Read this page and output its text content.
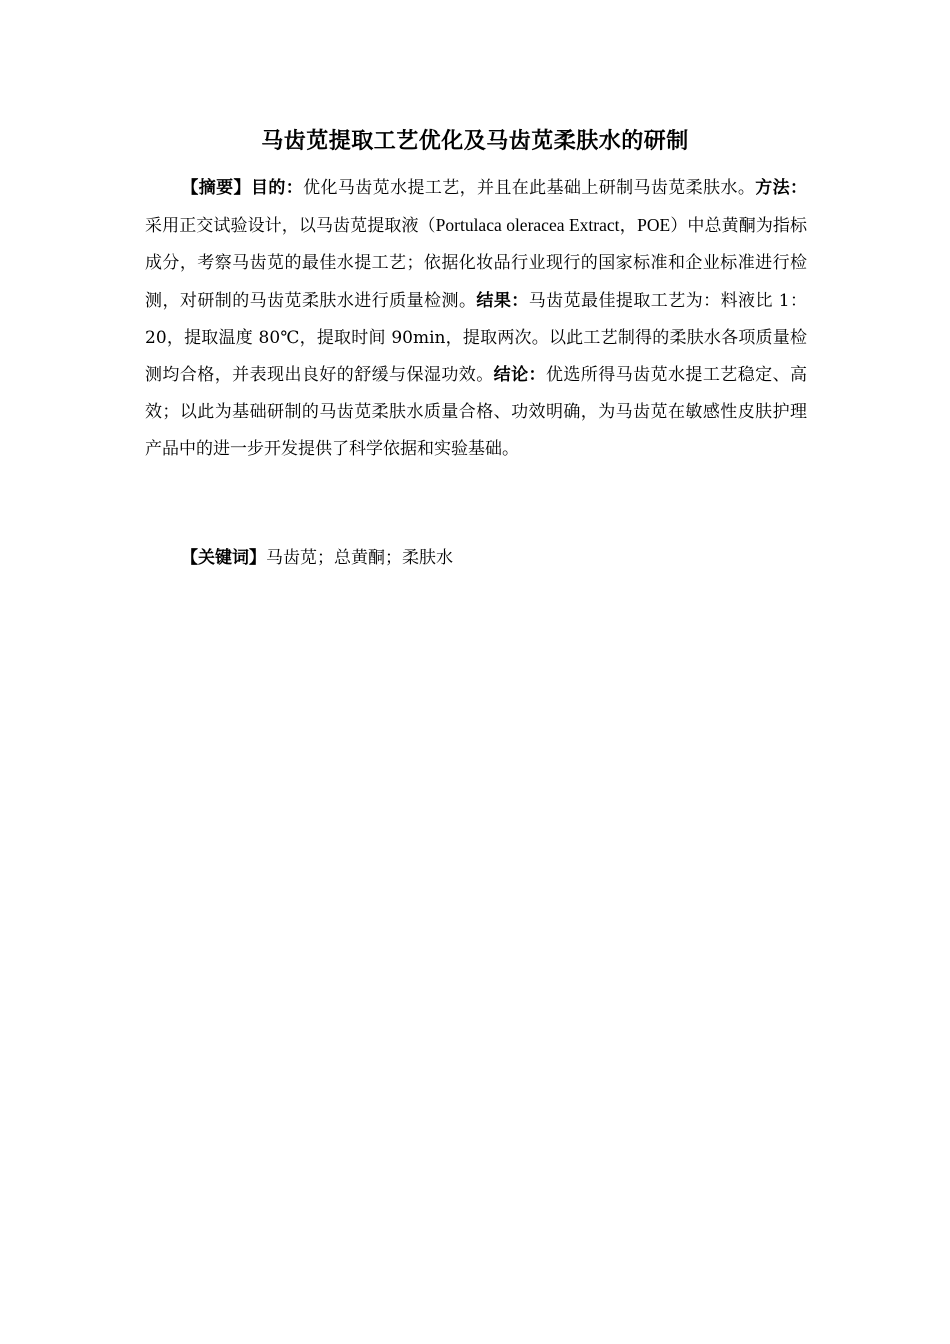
马齿苋提取工艺优化及马齿苋柔肤水的研制

【摘要】目的：优化马齿苋水提工艺，并且在此基础上研制马齿苋柔肤水。方法：采用正交试验设计，以马齿苋提取液（Portulaca oleracea Extract，POE）中总黄酮为指标成分，考察马齿苋的最佳水提工艺；依据化妆品行业现行的国家标准和企业标准进行检测，对研制的马齿苋柔肤水进行质量检测。结果：马齿苋最佳提取工艺为：料液比 1：20，提取温度 80℃，提取时间 90min，提取两次。以此工艺制得的柔肤水各项质量检测均合格，并表现出良好的舒缓与保湿功效。结论：优选所得马齿苋水提工艺稳定、高效；以此为基础研制的马齿苋柔肤水质量合格、功效明确，为马齿苋在敏感性皮肤护理产品中的进一步开发提供了科学依据和实验基础。

【关键词】马齿苋；总黄酮；柔肤水
